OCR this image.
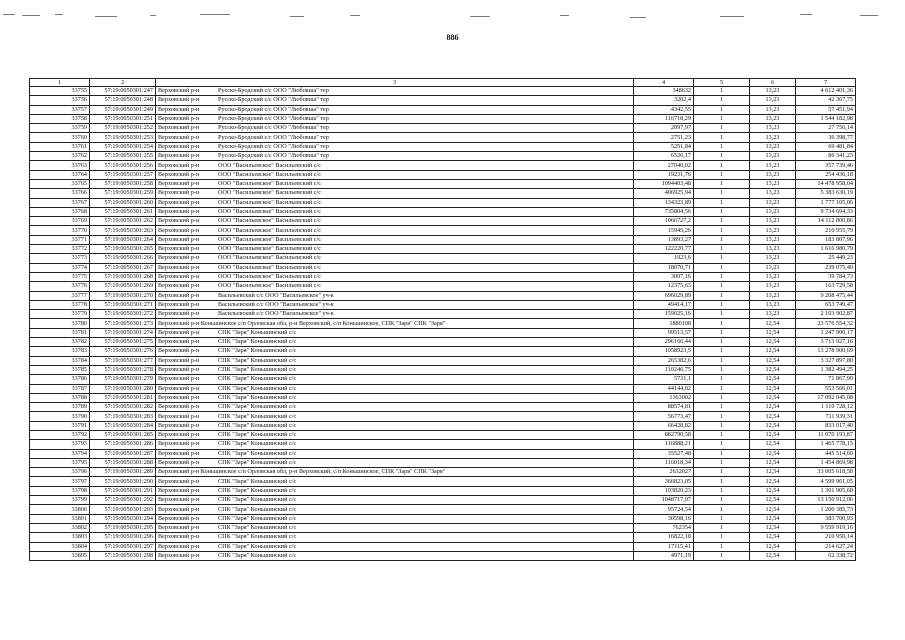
886
1	2	3	4	5	6	7
33755	57:19:0050301:247	Верховский р-н Русско-Бродский с/с ООО "Любовша" тер	348632	1	13,23	4 612 401,36
33756	57:19:0050301:248	Верховский р-н Русско-Бродский с/с ООО "Любовша" тер	3202,4	1	13,23	42 367,75
33757	57:19:0050301:249	Верховский р-н Русско-Бродский с/с ООО "Любовша" тер	4342,55	1	13,23	57 451,94
33758	57:19:0050301:251	Верховский р-н Русско-Бродский с/с ООО "Любовша" тер	116718,29	1	13,23	1 544 182,98
33759	57:19:0050301:252	Верховский р-н Русско-Бродский с/с ООО "Любовша" тер	2097,97	1	13,23	27 756,14
33760	57:19:0050301:253	Верховский р-н Русско-Бродский с/с ООО "Любовша" тер	2751,23	1	13,23	36 398,77
33761	57:19:0050301:254	Верховский р-н Русско-Бродский с/с ООО "Любовша" тер	5251,84	1	13,23	69 481,84
33762	57:19:0050301:255	Верховский р-н Русско-Бродский с/с ООО "Любовша" тер	6526,17	1	13,23	86 341,23
33763	57:19:0050301:256	Верховский р-н ООО "Васильевское" Васильевский с/с	27040,02	1	13,23	357 739,46
33764	57:19:0050301:257	Верховский р-н ООО "Васильевское" Васильевский с/с	19231,76	1	13,23	254 436,18
33765	57:19:0050301:258	Верховский р-н ООО "Васильевское" Васильевский с/с	1094403,48	1	13,23	14 478 958,04
33766	57:19:0050301:259	Верховский р-н ООО "Васильевское" Васильевский с/с	406925,94	1	13,23	5 383 630,19
33767	57:19:0050301:260	Верховский р-н ООО "Васильевское" Васильевский с/с	134323,89	1	13,23	1 777 105,06
33768	57:19:0050301:261	Верховский р-н ООО "Васильевское" Васильевский с/с	735804,56	1	13,23	9 734 694,33
33769	57:19:0050301:262	Верховский р-н ООО "Васильевское" Васильевский с/с	1066727,2	1	13,23	14 112 800,86
33770	57:19:0050301:263	Верховский р-н ООО "Васильевское" Васильевский с/с	15945,26	1	13,23	210 955,79
33771	57:19:0050301:264	Верховский р-н ООО "Васильевское" Васильевский с/с	13893,27	1	13,23	183 807,96
33772	57:19:0050301:265	Верховский р-н ООО "Васильевское" Васильевский с/с	122220,77	1	13,23	1 616 980,79
33773	57:19:0050301:266	Верховский р-н ООО "Васильевское" Васильевский с/с	1923,6	1	13,23	25 449,23
33774	57:19:0050301:267	Верховский р-н ООО "Васильевское" Васильевский с/с	18070,71	1	13,23	239 075,49
33775	57:19:0050301:268	Верховский р-н ООО "Васильевское" Васильевский с/с	3007,16	1	13,23	39 784,73
33776	57:19:0050301:269	Верховский р-н ООО "Васильевское" Васильевский с/с	12375,63	1	13,23	163 729,58
33777	57:19:0050301:270	Верховский р-н Васильевский с/с ООО "Васильевское" уч-к	696029,89	1	13,23	9 208 475,44
33778	57:19:0050301:271	Верховский р-н Васильевский с/с ООО "Васильевское" уч-к	49414,17	1	13,23	653 749,47
33779	57:19:0050301:272	Верховский р-н Васильевский с/с ООО "Васильевское" уч-к	159025,16	1	13,23	2 103 902,87
33780	57:19:0050301:273	Верховский р-н Коньшинское с/п Орловская обл, р-н Верховский, с/п Коньшинское, СПК "Заря" СПК "Заря"	1880108	1	12,54	23 576 554,32
33781	57:19:0050301:274	Верховский р-н СПК "Заря" Коньшинский с/с	99513,57	1	12,54	1 247 900,17
33782	57:19:0050301:275	Верховский р-н СПК "Заря" Коньшинский с/с	296166,44	1	12,54	3 713 927,16
33783	57:19:0050301:276	Верховский р-н СПК "Заря" Коньшинский с/с	1058923,5	1	12,54	13 278 900,69
33784	57:19:0050301:277	Верховский р-н СПК "Заря" Коньшинский с/с	265382,6	1	12,54	3 327 897,80
33785	57:19:0050301:278	Верховский р-н СПК "Заря" Коньшинский с/с	110246,75	1	12,54	1 382 494,25
33786	57:19:0050301:279	Верховский р-н СПК "Заря" Коньшинский с/с	5731,1	1	12,54	71 867,99
33787	57:19:0050301:280	Верховский р-н СПК "Заря" Коньшинский с/с	44144,02	1	12,54	553 566,01
33788	57:19:0050301:281	Верховский р-н СПК "Заря" Коньшинский с/с	1363002	1	12,54	17 092 045,08
33789	57:19:0050301:282	Верховский р-н СПК "Заря" Коньшинский с/с	88574,81	1	12,54	1 110 728,12
33790	57:19:0050301:283	Верховский р-н СПК "Заря" Коньшинский с/с	56773,47	1	12,54	711 939,31
33791	57:19:0050301:284	Верховский р-н СПК "Заря" Коньшинский с/с	66428,82	1	12,54	833 017,40
33792	57:19:0050301:285	Верховский р-н СПК "Заря" Коньшинский с/с	882790,58	1	12,54	11 070 193,87
33793	57:19:0050301:286	Верховский р-н СПК "Заря" Коньшинский с/с	116888,21	1	12,54	1 465 778,15
33794	57:19:0050301:287	Верховский р-н СПК "Заря" Коньшинский с/с	35527,48	1	12,54	445 514,60
33795	57:19:0050301:288	Верховский р-н СПК "Заря" Коньшинский с/с	116018,34	1	12,54	1 454 869,98
33796	57:19:0050301:289	Верховский р-н Коньшинское с/п Орловская обл, р-н Верховский, с/п Коньшинское, СПК "Заря" СПК "Заря"	2632027	1	12,54	33 005 618,58
33797	57:19:0050301:290	Верховский р-н СПК "Заря" Коньшинский с/с	366823,05	1	12,54	4 599 961,05
33798	57:19:0050301:291	Верховский р-н СПК "Заря" Коньшинский с/с	103820,23	1	12,54	1 301 905,68
33799	57:19:0050301:292	Верховский р-н СПК "Заря" Коньшинский с/с	1048717,07	1	12,54	13 150 912,06
33800	57:19:0050301:293	Верховский р-н СПК "Заря" Коньшинский с/с	95724,54	1	12,54	1 200 385,73
33801	57:19:0050301:294	Верховский р-н СПК "Заря" Коньшинский с/с	30598,16	1	12,54	383 700,93
33802	57:19:0050301:295	Верховский р-н СПК "Заря" Коньшинский с/с	762354	1	12,54	9 559 919,16
33803	57:19:0050301:296	Верховский р-н СПК "Заря" Коньшинский с/с	16822,18	1	12,54	210 950,14
33804	57:19:0050301:297	Верховский р-н СПК "Заря" Коньшинский с/с	17115,41	1	12,54	214 627,24
33805	57:19:0050301:298	Верховский р-н СПК "Заря" Коньшинский с/с	4971,19	1	12,54	62 338,72
